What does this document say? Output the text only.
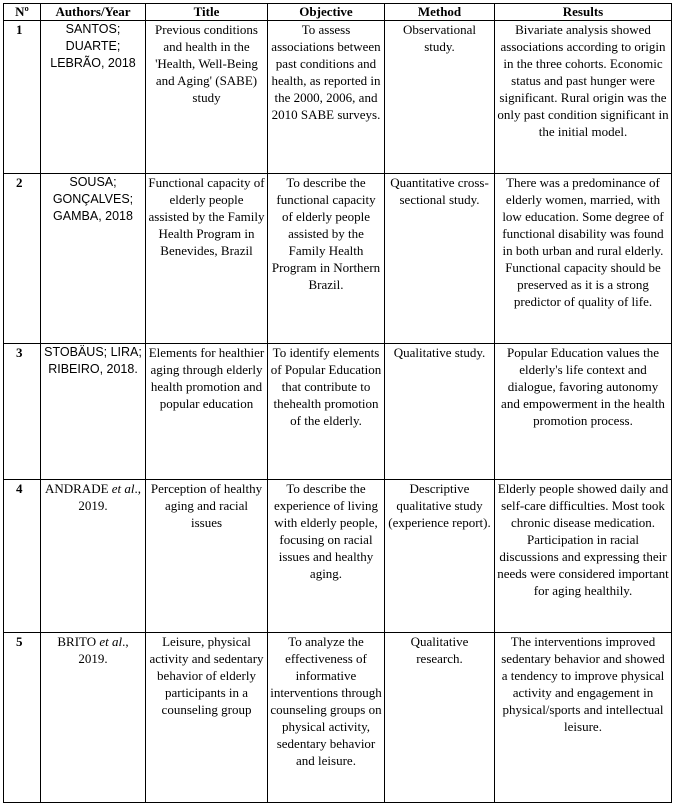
Nº	Authors/Year	Title	Objective	Method	Results
1	SANTOS; DUARTE; LEBRÃO, 2018	Previous conditions and health in the 'Health, Well-Being and Aging' (SABE) study	To assess associations between past conditions and health, as reported in the 2000, 2006, and 2010 SABE surveys.	Observational study.	Bivariate analysis showed associations according to origin in the three cohorts. Economic status and past hunger were significant. Rural origin was the only past condition significant in the initial model.
2	SOUSA; GONÇALVES; GAMBA, 2018	Functional capacity of elderly people assisted by the Family Health Program in Benevides, Brazil	To describe the functional capacity of elderly people assisted by the Family Health Program in Northern Brazil.	Quantitative cross-sectional study.	There was a predominance of elderly women, married, with low education. Some degree of functional disability was found in both urban and rural elderly. Functional capacity should be preserved as it is a strong predictor of quality of life.
3	STOBÄUS; LIRA; RIBEIRO, 2018.	Elements for healthier aging through elderly health promotion and popular education	To identify elements of Popular Education that contribute to thehealth promotion of the elderly.	Qualitative study.	Popular Education values the elderly's life context and dialogue, favoring autonomy and empowerment in the health promotion process.
4	ANDRADE et al., 2019.	Perception of healthy aging and racial issues	To describe the experience of living with elderly people, focusing on racial issues and healthy aging.	Descriptive qualitative study (experience report).	Elderly people showed daily and self-care difficulties. Most took chronic disease medication. Participation in racial discussions and expressing their needs were considered important for aging healthily.
5	BRITO et al., 2019.	Leisure, physical activity and sedentary behavior of elderly participants in a counseling group	To analyze the effectiveness of informative interventions through counseling groups on physical activity, sedentary behavior and leisure.	Qualitative research.	The interventions improved sedentary behavior and showed a tendency to improve physical activity and engagement in physical/sports and intellectual leisure.
